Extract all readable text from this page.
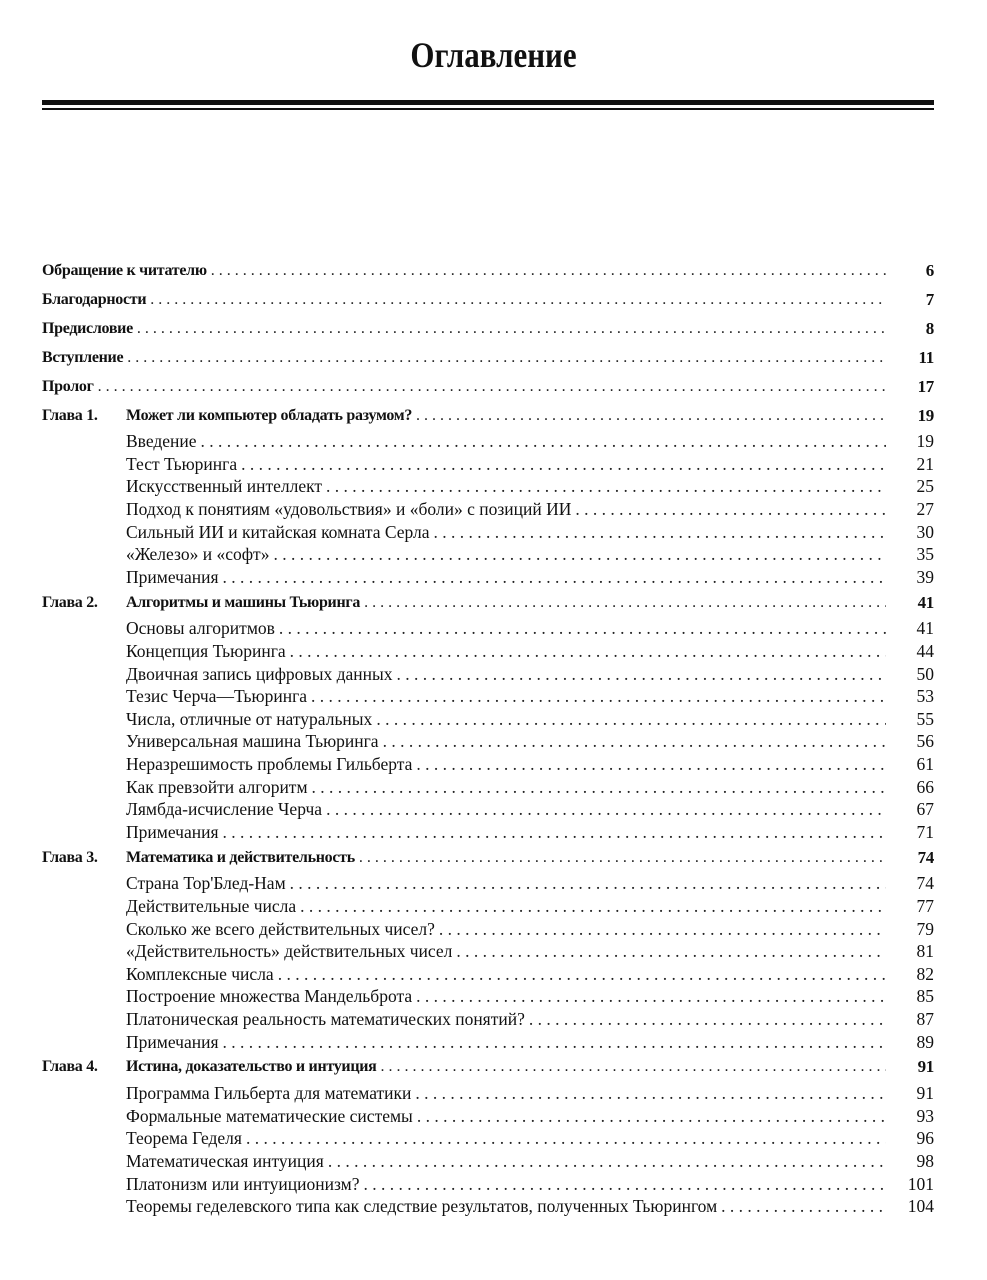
Оглавление
Обращение к читателю . . .	6
Благодарности . . .	7
Предисловие . . .	8
Вступление . . .	11
Пролог . . .	17
Глава 1.	Может ли компьютер обладать разумом? . . .	19
Введение . . .	19
Тест Тьюринга . . .	21
Искусственный интеллект . . .	25
Подход к понятиям «удовольствия» и «боли» с позиций ИИ . . .	27
Сильный ИИ и китайская комната Серла . . .	30
«Железо» и «софт» . . .	35
Примечания . . .	39
Глава 2.	Алгоритмы и машины Тьюринга . . .	41
Основы алгоритмов . . .	41
Концепция Тьюринга . . .	44
Двоичная запись цифровых данных . . .	50
Тезис Черча—Тьюринга . . .	53
Числа, отличные от натуральных . . .	55
Универсальная машина Тьюринга . . .	56
Неразрешимость проблемы Гильберта . . .	61
Как превзойти алгоритм . . .	66
Лямбда-исчисление Черча . . .	67
Примечания . . .	71
Глава 3.	Математика и действительность . . .	74
Страна Тор'Блед-Нам . . .	74
Действительные числа . . .	77
Сколько же всего действительных чисел? . . .	79
«Действительность» действительных чисел . . .	81
Комплексные числа . . .	82
Построение множества Мандельброта . . .	85
Платоническая реальность математических понятий? . . .	87
Примечания . . .	89
Глава 4.	Истина, доказательство и интуиция . . .	91
Программа Гильберта для математики . . .	91
Формальные математические системы . . .	93
Теорема Геделя . . .	96
Математическая интуиция . . .	98
Платонизм или интуиционизм? . . .	101
Теоремы геделевского типа как следствие результатов, полученных Тьюрингом . . .	104
